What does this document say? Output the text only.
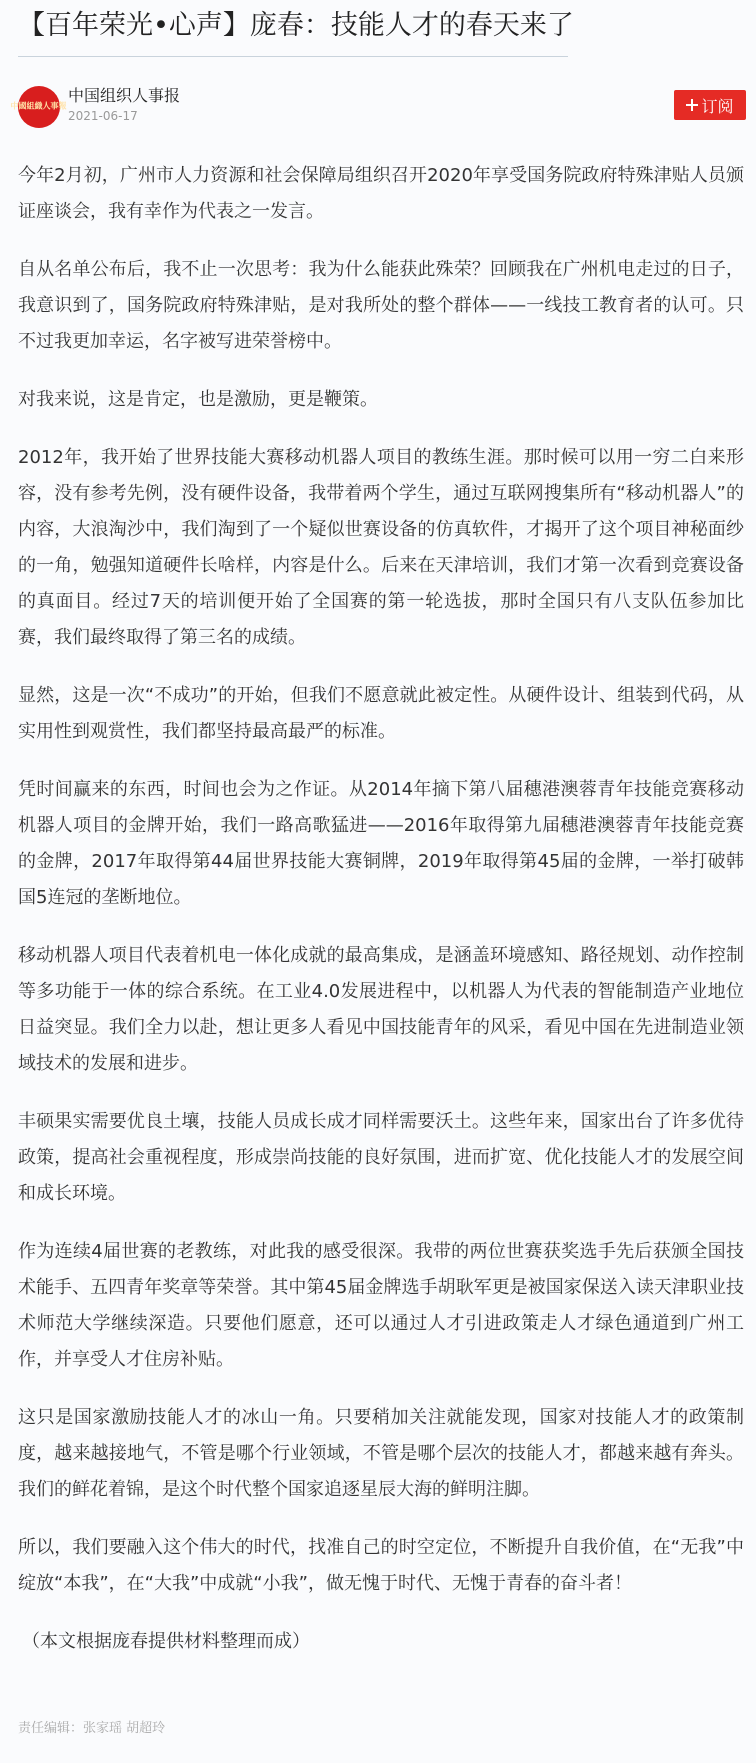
【百年荣光•心声】庞春：技能人才的春天来了
中國組織人事報
中国组织人事报
2021-06-17
订阅

今年2月初，广州市人力资源和社会保障局组织召开2020年享受国务院政府特殊津贴人员颁证座谈会，我有幸作为代表之一发言。

自从名单公布后，我不止一次思考：我为什么能获此殊荣？回顾我在广州机电走过的日子，我意识到了，国务院政府特殊津贴，是对我所处的整个群体——一线技工教育者的认可。只不过我更加幸运，名字被写进荣誉榜中。

对我来说，这是肯定，也是激励，更是鞭策。

2012年，我开始了世界技能大赛移动机器人项目的教练生涯。那时候可以用一穷二白来形容，没有参考先例，没有硬件设备，我带着两个学生，通过互联网搜集所有“移动机器人”的内容，大浪淘沙中，我们淘到了一个疑似世赛设备的仿真软件，才揭开了这个项目神秘面纱的一角，勉强知道硬件长啥样，内容是什么。后来在天津培训，我们才第一次看到竞赛设备的真面目。经过7天的培训便开始了全国赛的第一轮选拔，那时全国只有八支队伍参加比赛，我们最终取得了第三名的成绩。

显然，这是一次“不成功”的开始，但我们不愿意就此被定性。从硬件设计、组装到代码，从实用性到观赏性，我们都坚持最高最严的标准。

凭时间赢来的东西，时间也会为之作证。从2014年摘下第八届穗港澳蓉青年技能竞赛移动机器人项目的金牌开始，我们一路高歌猛进——2016年取得第九届穗港澳蓉青年技能竞赛的金牌，2017年取得第44届世界技能大赛铜牌，2019年取得第45届的金牌，一举打破韩国5连冠的垄断地位。

移动机器人项目代表着机电一体化成就的最高集成，是涵盖环境感知、路径规划、动作控制等多功能于一体的综合系统。在工业4.0发展进程中，以机器人为代表的智能制造产业地位日益突显。我们全力以赴，想让更多人看见中国技能青年的风采，看见中国在先进制造业领域技术的发展和进步。

丰硕果实需要优良土壤，技能人员成长成才同样需要沃土。这些年来，国家出台了许多优待政策，提高社会重视程度，形成崇尚技能的良好氛围，进而扩宽、优化技能人才的发展空间和成长环境。

作为连续4届世赛的老教练，对此我的感受很深。我带的两位世赛获奖选手先后获颁全国技术能手、五四青年奖章等荣誉。其中第45届金牌选手胡耿军更是被国家保送入读天津职业技术师范大学继续深造。只要他们愿意，还可以通过人才引进政策走人才绿色通道到广州工作，并享受人才住房补贴。

这只是国家激励技能人才的冰山一角。只要稍加关注就能发现，国家对技能人才的政策制度，越来越接地气，不管是哪个行业领域，不管是哪个层次的技能人才，都越来越有奔头。我们的鲜花着锦，是这个时代整个国家追逐星辰大海的鲜明注脚。

所以，我们要融入这个伟大的时代，找准自己的时空定位，不断提升自我价值，在“无我”中绽放“本我”，在“大我”中成就“小我”，做无愧于时代、无愧于青春的奋斗者！

（本文根据庞春提供材料整理而成）

责任编辑：张家瑶 胡超玲
